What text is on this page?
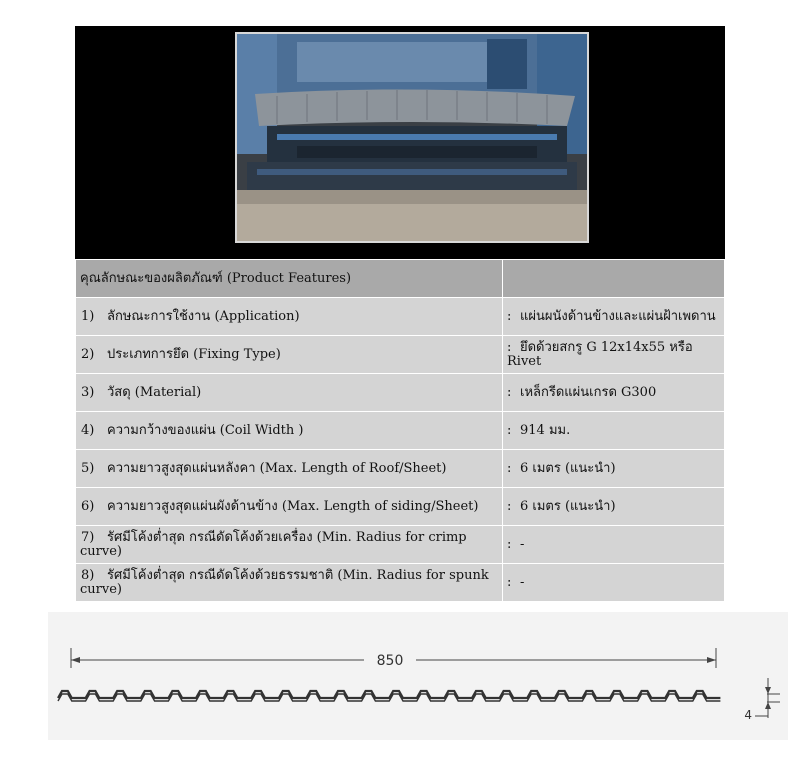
คุณลักษณะของผลิตภัณฑ์ (Product Features)	
1) ลักษณะการใช้งาน (Application)	: แผ่นผนังด้านข้างและแผ่นฝ้าเพดาน
2) ประเภทการยึด (Fixing Type)	: ยึดด้วยสกรู G 12x14x55 หรือ Rivet
3) วัสดุ (Material)	: เหล็กรีดแผ่นเกรด G300
4) ความกว้างของแผ่น (Coil Width )	: 914 มม.
5) ความยาวสูงสุดแผ่นหลังคา (Max. Length of Roof/Sheet)	: 6 เมตร (แนะนำ)
6) ความยาวสูงสุดแผ่นผังด้านข้าง (Max. Length of siding/Sheet)	: 6 เมตร (แนะนำ)
7) รัศมีโค้งต่ำสุด กรณีดัดโค้งด้วยเครื่อง (Min. Radius for crimp curve)	: -
8) รัศมีโค้งต่ำสุด กรณีดัดโค้งด้วยธรรมชาติ (Min. Radius for spunk curve)	: -
850
4
